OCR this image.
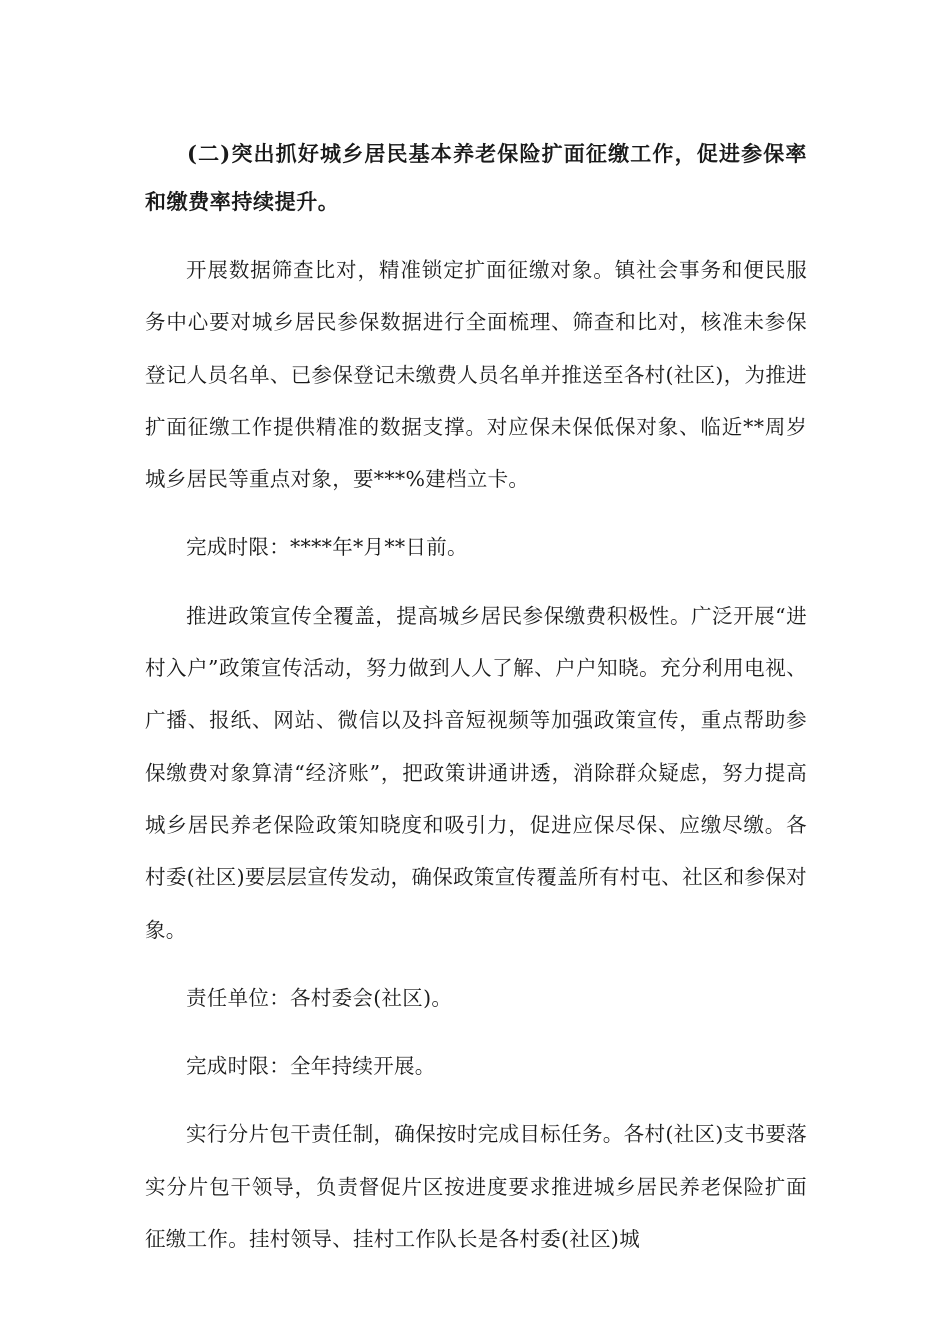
(二)突出抓好城乡居民基本养老保险扩面征缴工作，促进参保率和缴费率持续提升。

开展数据筛查比对，精准锁定扩面征缴对象。镇社会事务和便民服务中心要对城乡居民参保数据进行全面梳理、筛查和比对，核准未参保登记人员名单、已参保登记未缴费人员名单并推送至各村(社区)，为推进扩面征缴工作提供精准的数据支撑。对应保未保低保对象、临近**周岁城乡居民等重点对象，要***%建档立卡。

完成时限：****年*月**日前。

推进政策宣传全覆盖，提高城乡居民参保缴费积极性。广泛开展“进村入户”政策宣传活动，努力做到人人了解、户户知晓。充分利用电视、广播、报纸、网站、微信以及抖音短视频等加强政策宣传，重点帮助参保缴费对象算清“经济账”，把政策讲通讲透，消除群众疑虑，努力提高城乡居民养老保险政策知晓度和吸引力，促进应保尽保、应缴尽缴。各村委(社区)要层层宣传发动，确保政策宣传覆盖所有村屯、社区和参保对象。

责任单位：各村委会(社区)。

完成时限：全年持续开展。

实行分片包干责任制，确保按时完成目标任务。各村(社区)支书要落实分片包干领导，负责督促片区按进度要求推进城乡居民养老保险扩面征缴工作。挂村领导、挂村工作队长是各村委(社区)城
